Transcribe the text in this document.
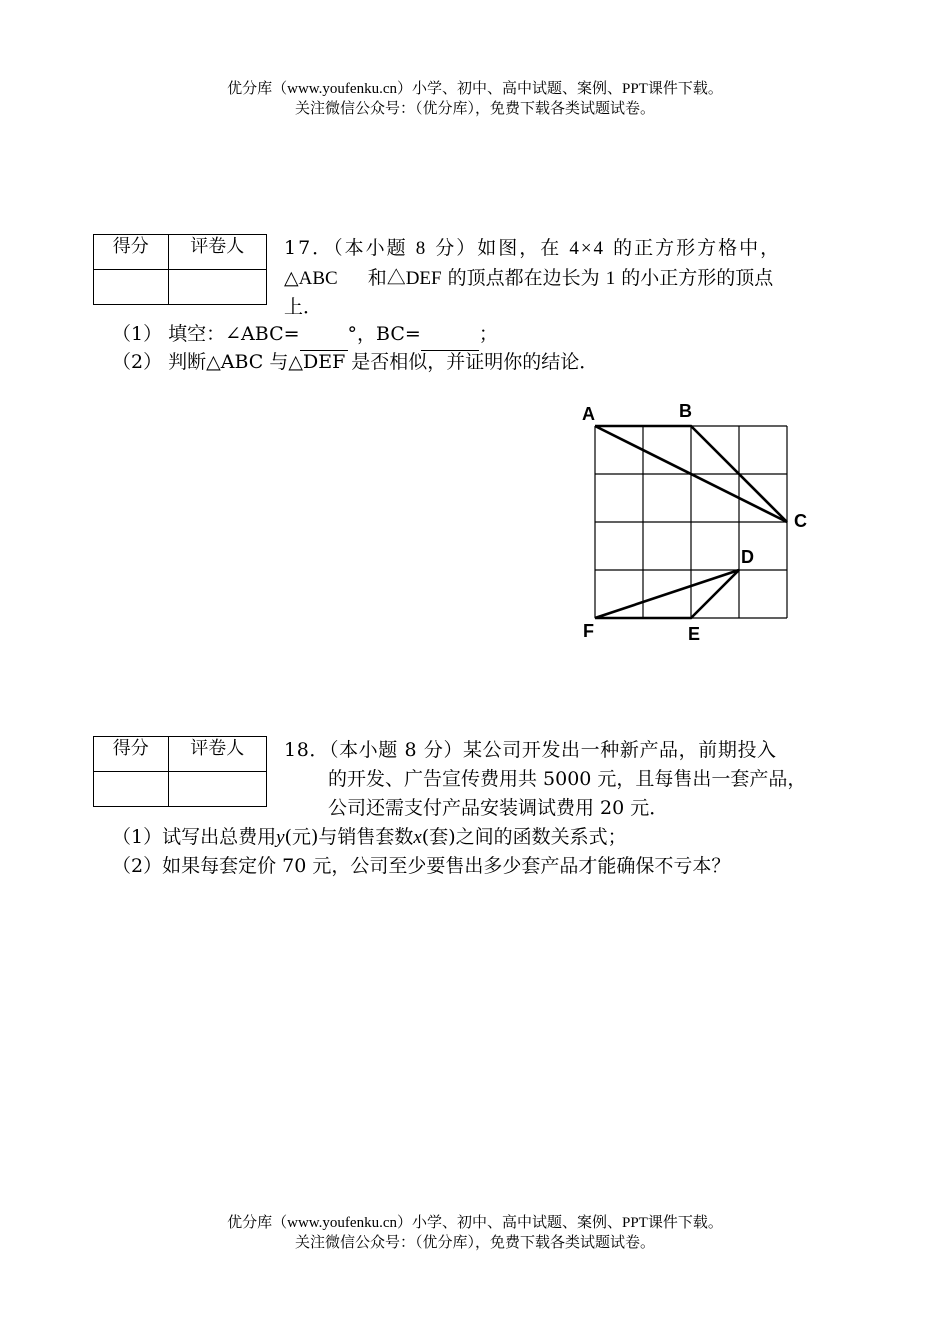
优分库（www.youfenku.cn）小学、初中、高中试题、案例、PPT课件下载。
关注微信公众号：（优分库），免费下载各类试题试卷。
得分	评卷人
	17．（本小题 8 分）如图，在 4×4 的正方形方格中，
△ABC 和△DEF 的顶点都在边长为 1 的小正方形的顶点
上．
（1） 填空：∠ABC=	°，BC=	；
（2） 判断△ABC 与△DEF 是否相似，并证明你的结论．
A	B
C
D
F	E
得分	评卷人
	18．（本小题 8 分）某公司开发出一种新产品，前期投入
的开发、广告宣传费用共 5000 元，且每售出一套产品，
公司还需支付产品安装调试费用 20 元．
（1）试写出总费用y(元)与销售套数x(套)之间的函数关系式；
（2）如果每套定价 70 元，公司至少要售出多少套产品才能确保不亏本？
优分库（www.youfenku.cn）小学、初中、高中试题、案例、PPT课件下载。
关注微信公众号：（优分库），免费下载各类试题试卷。
